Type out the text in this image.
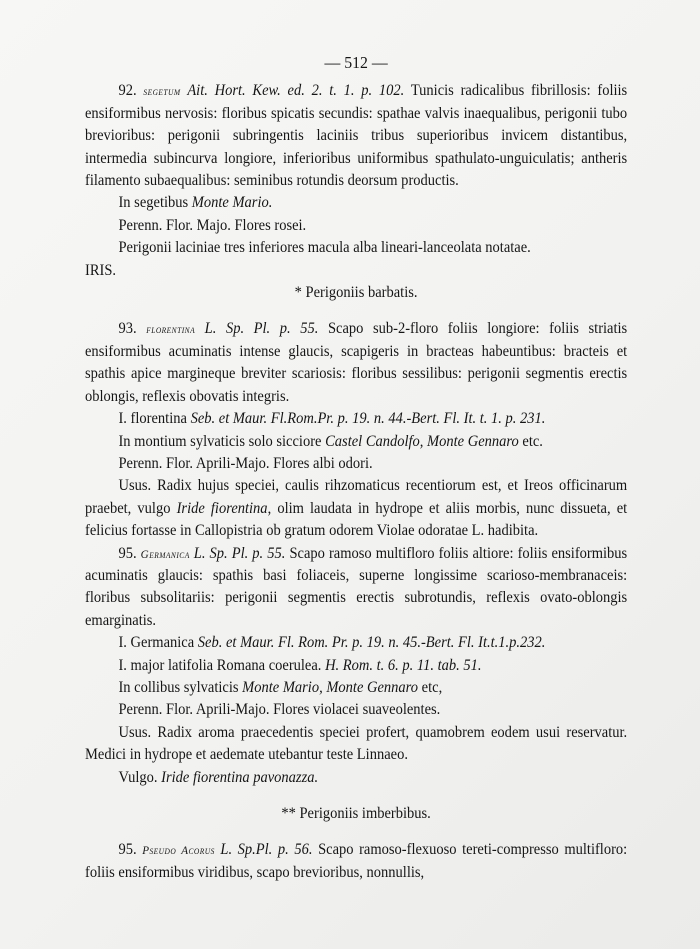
— 512 —

92. segetum Ait. Hort. Kew. ed. 2. t. 1. p. 102. Tunicis radicalibus fibrillosis: foliis ensiformibus nervosis: floribus spicatis secundis: spathae valvis inaequalibus, perigonii tubo brevioribus: perigonii subringentis laciniis tribus superioribus invicem distantibus, intermedia subincurva longiore, inferioribus uniformibus spathulato-unguiculatis; antheris filamento subaequalibus: seminibus rotundis deorsum productis.

In segetibus Monte Mario.

Perenn. Flor. Majo. Flores rosei.

Perigonii laciniae tres inferiores macula alba lineari-lanceolata notatae.

IRIS.

* Perigoniis barbatis.

93. florentina L. Sp. Pl. p. 55. Scapo sub-2-floro foliis longiore: foliis striatis ensiformibus acuminatis intense glaucis, scapigeris in bracteas habeuntibus: bracteis et spathis apice margineque breviter scariosis: floribus sessilibus: perigonii segmentis erectis oblongis, reflexis obovatis integris.

I. florentina Seb. et Maur. Fl.Rom.Pr. p. 19. n. 44.-Bert. Fl. It. t. 1. p. 231.

In montium sylvaticis solo sicciore Castel Candolfo, Monte Gennaro etc.

Perenn. Flor. Aprili-Majo. Flores albi odori.

Usus. Radix hujus speciei, caulis rihzomaticus recentiorum est, et Ireos officinarum praebet, vulgo Iride fiorentina, olim laudata in hydrope et aliis morbis, nunc dissueta, et felicius fortasse in Callopistria ob gratum odorem Violae odoratae L. hadibita.

95. Germanica L. Sp. Pl. p. 55. Scapo ramoso multifloro foliis altiore: foliis ensiformibus acuminatis glaucis: spathis basi foliaceis, superne longissime scarioso-membranaceis: floribus subsolitariis: perigonii segmentis erectis subrotundis, reflexis ovato-oblongis emarginatis.

I. Germanica Seb. et Maur. Fl. Rom. Pr. p. 19. n. 45.-Bert. Fl. It.t.1.p.232.

I. major latifolia Romana coerulea. H. Rom. t. 6. p. 11. tab. 51.

In collibus sylvaticis Monte Mario, Monte Gennaro etc,

Perenn. Flor. Aprili-Majo. Flores violacei suaveolentes.

Usus. Radix aroma praecedentis speciei profert, quamobrem eodem usui reservatur. Medici in hydrope et aedemate utebantur teste Linnaeo.

Vulgo. Iride fiorentina pavonazza.

** Perigoniis imberbibus.

95. Pseudo Acorus L. Sp.Pl. p. 56. Scapo ramoso-flexuoso tereti-compresso multifloro: foliis ensiformibus viridibus, scapo brevioribus, nonnullis,
